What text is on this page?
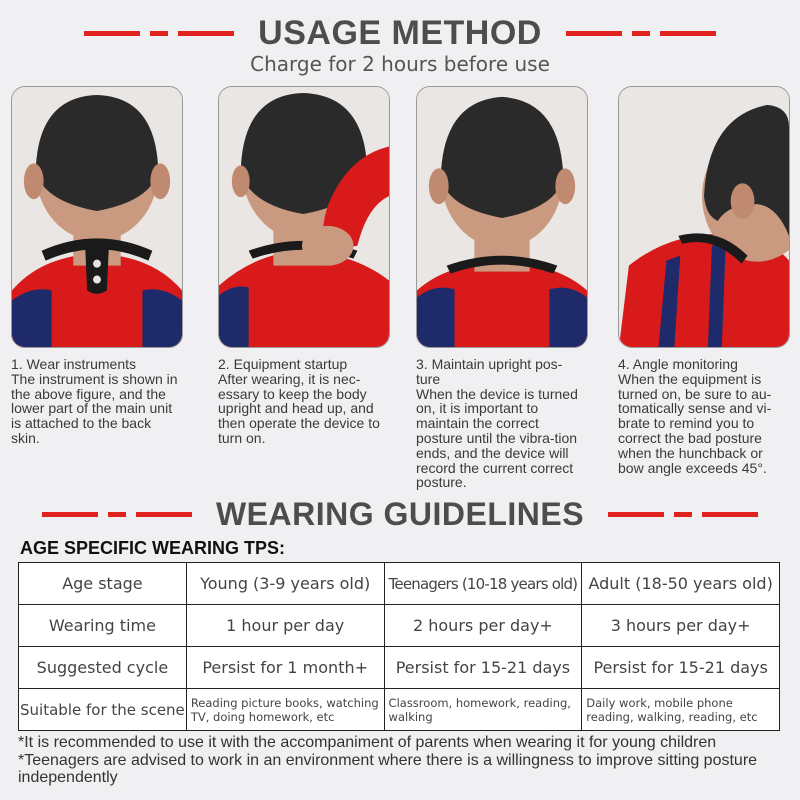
USAGE METHOD
Charge for 2 hours before use
1. Wear instruments
The instrument is shown in the above figure, and the lower part of the main unit is attached to the back skin.
2. Equipment startup
After wearing, it is nec-essary to keep the body upright and head up, and then operate the device to turn on.
3. Maintain upright pos-ture
When the device is turned on, it is important to maintain the correct posture until the vibra-tion ends, and the device will record the current correct posture.
4. Angle monitoring
When the equipment is turned on, be sure to au-tomatically sense and vi-brate to remind you to correct the bad posture when the hunchback or bow angle exceeds 45°.
WEARING GUIDELINES
AGE SPECIFIC WEARING TPS:
Age stage	Young (3-9 years old)	Teenagers (10-18 years old)	Adult (18-50 years old)
Wearing time	1 hour per day	2 hours per day+	3 hours per day+
Suggested cycle	Persist for 1 month+	Persist for 15-21 days	Persist for 15-21 days
Suitable for the scene	Reading picture books, watching TV, doing homework, etc	Classroom, homework, reading, walking	Daily work, mobile phone reading, walking, reading, etc
*It is recommended to use it with the accompaniment of parents when wearing it for young children
*Teenagers are advised to work in an environment where there is a willingness to improve sitting posture independently
